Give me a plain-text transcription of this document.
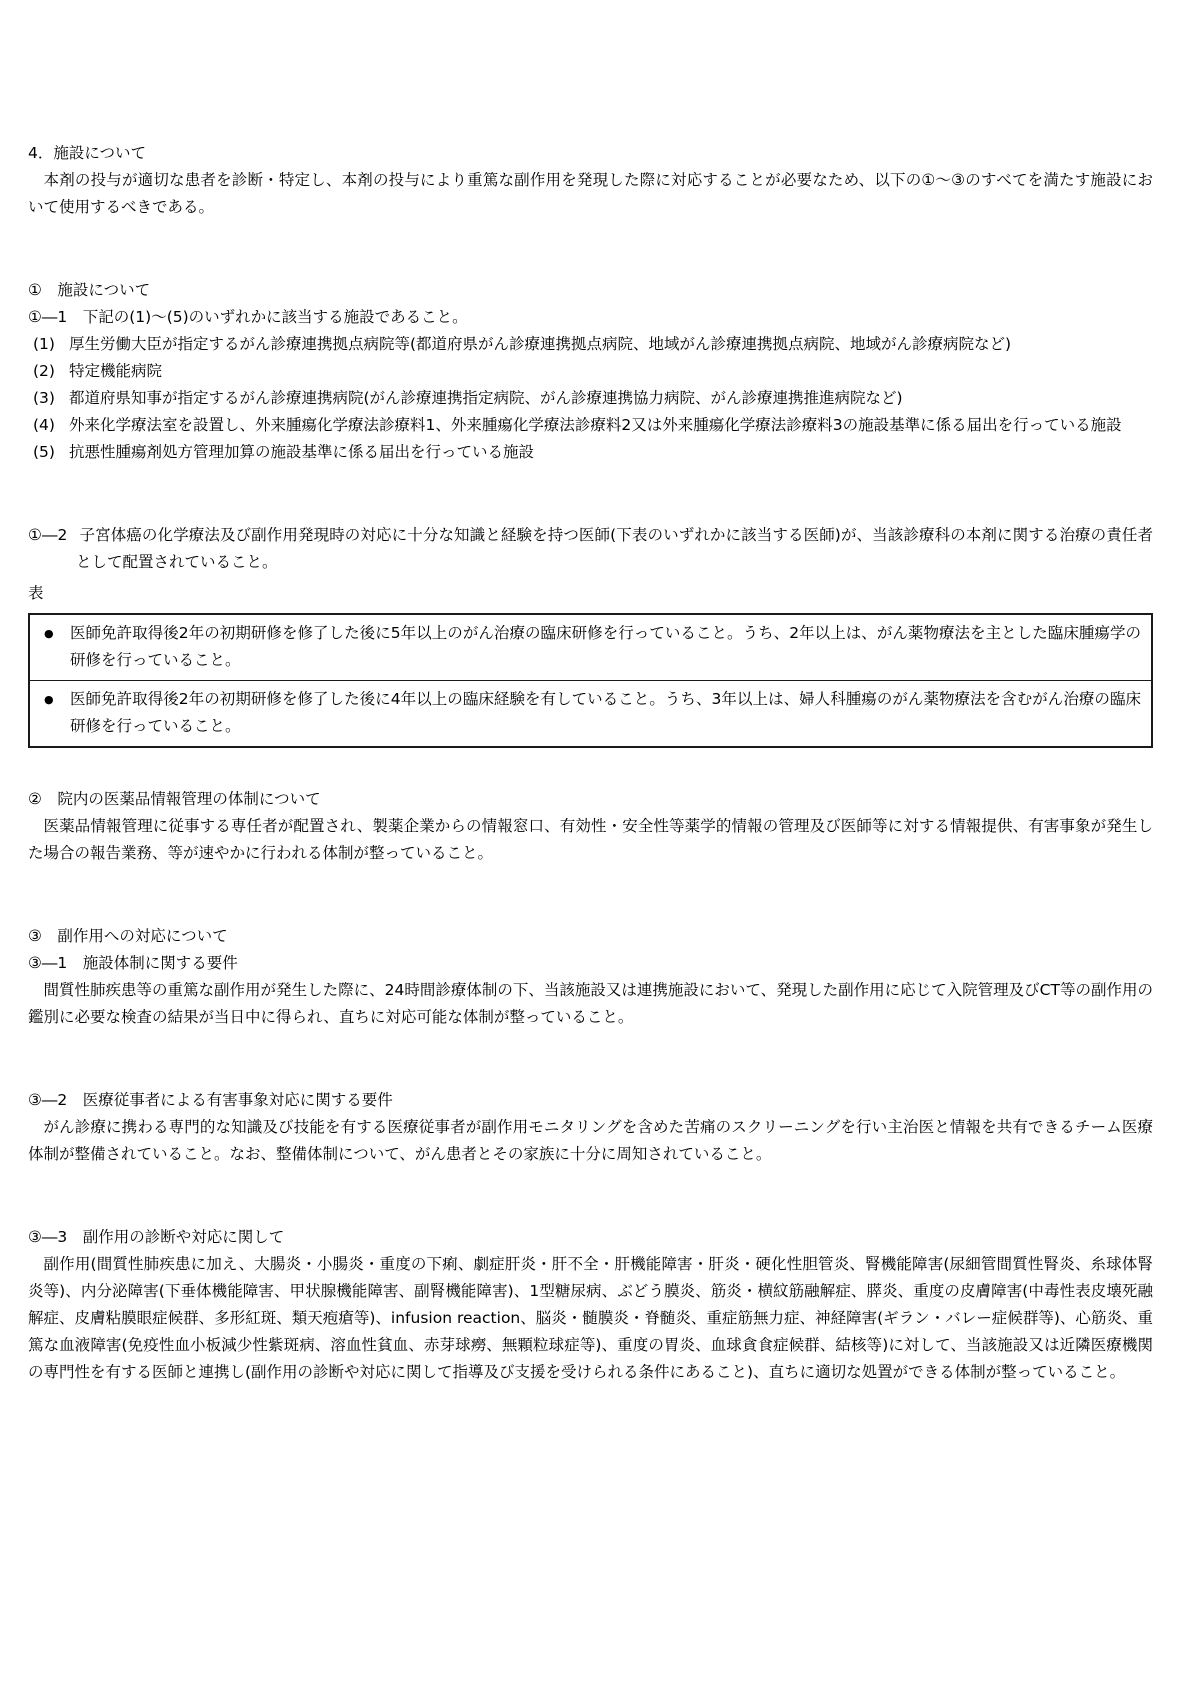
4．施設について

本剤の投与が適切な患者を診断・特定し、本剤の投与により重篤な副作用を発現した際に対応することが必要なため、以下の①～③のすべてを満たす施設において使用するべきである。

①　施設について
①―1　下記の(1)～(5)のいずれかに該当する施設であること。
(1) 厚生労働大臣が指定するがん診療連携拠点病院等(都道府県がん診療連携拠点病院、地域がん診療連携拠点病院、地域がん診療病院など)
(2) 特定機能病院
(3) 都道府県知事が指定するがん診療連携病院(がん診療連携指定病院、がん診療連携協力病院、がん診療連携推進病院など)
(4) 外来化学療法室を設置し、外来腫瘍化学療法診療料1、外来腫瘍化学療法診療料2又は外来腫瘍化学療法診療料3の施設基準に係る届出を行っている施設
(5) 抗悪性腫瘍剤処方管理加算の施設基準に係る届出を行っている施設
①―2 子宮体癌の化学療法及び副作用発現時の対応に十分な知識と経験を持つ医師(下表のいずれかに該当する医師)が、当該診療科の本剤に関する治療の責任者として配置されていること。
表
●	医師免許取得後2年の初期研修を修了した後に5年以上のがん治療の臨床研修を行っていること。うち、2年以上は、がん薬物療法を主とした臨床腫瘍学の研修を行っていること。
●	医師免許取得後2年の初期研修を修了した後に4年以上の臨床経験を有していること。うち、3年以上は、婦人科腫瘍のがん薬物療法を含むがん治療の臨床研修を行っていること。
②　院内の医薬品情報管理の体制について

医薬品情報管理に従事する専任者が配置され、製薬企業からの情報窓口、有効性・安全性等薬学的情報の管理及び医師等に対する情報提供、有害事象が発生した場合の報告業務、等が速やかに行われる体制が整っていること。

③　副作用への対応について
③―1　施設体制に関する要件

間質性肺疾患等の重篤な副作用が発生した際に、24時間診療体制の下、当該施設又は連携施設において、発現した副作用に応じて入院管理及びCT等の副作用の鑑別に必要な検査の結果が当日中に得られ、直ちに対応可能な体制が整っていること。

③―2　医療従事者による有害事象対応に関する要件

がん診療に携わる専門的な知識及び技能を有する医療従事者が副作用モニタリングを含めた苦痛のスクリーニングを行い主治医と情報を共有できるチーム医療体制が整備されていること。なお、整備体制について、がん患者とその家族に十分に周知されていること。

③―3　副作用の診断や対応に関して

副作用(間質性肺疾患に加え、大腸炎・小腸炎・重度の下痢、劇症肝炎・肝不全・肝機能障害・肝炎・硬化性胆管炎、腎機能障害(尿細管間質性腎炎、糸球体腎炎等)、内分泌障害(下垂体機能障害、甲状腺機能障害、副腎機能障害)、1型糖尿病、ぶどう膜炎、筋炎・横紋筋融解症、膵炎、重度の皮膚障害(中毒性表皮壊死融解症、皮膚粘膜眼症候群、多形紅斑、類天疱瘡等)、infusion reaction、脳炎・髄膜炎・脊髄炎、重症筋無力症、神経障害(ギラン・バレー症候群等)、心筋炎、重篤な血液障害(免疫性血小板減少性紫斑病、溶血性貧血、赤芽球癆、無顆粒球症等)、重度の胃炎、血球貪食症候群、結核等)に対して、当該施設又は近隣医療機関の専門性を有する医師と連携し(副作用の診断や対応に関して指導及び支援を受けられる条件にあること)、直ちに適切な処置ができる体制が整っていること。
